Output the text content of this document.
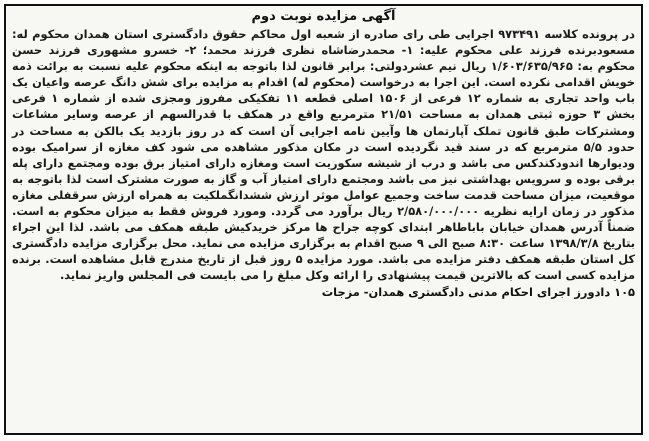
آگهی مزایده نوبت دوم

در پرونده کلاسه ۹۷۳۴۹۱ اجرایی طی رای صادره از شعبه اول محاکم حقوق دادگستری استان همدان محکوم له: مسعودبرنده فرزند علی محکوم علیه: ۱- محمدرضاشاه نظری فرزند محمد؛ ۲- خسرو مشهوری فرزند حسن محکوم به: ۱/۶۰۳/۶۳۵/۹۶۵ ریال نیم عشردولتی: برابر قانون لذا باتوجه به اینکه محکوم علیه نسبت به برائت ذمه خویش اقدامی نکرده است. این اجرا به درخواست (محکوم له) اقدام به مزایده برای شش دانگ عرصه واعیان یک باب واحد تجاری به شماره ۱۲ فرعی از ۱۵۰۶ اصلی قطعه ۱۱ تفکیکی مفروز ومجزی شده از شماره ۱ فرعی بخش ۳ حوزه ثبتی همدان به مساحت ۲۱/۵۱ مترمربع واقع در همکف با قدرالسهم از عرصه وسایر مشاعات ومشترکات طبق قانون تملک آپارتمان ها وآیین نامه اجرایی آن است که در روز بازدید یک بالکن به مساحت در حدود ۵/۵ مترمربع که در سند قید نگردیده است در مکان مذکور مشاهده می شود کف مغازه از سرامیک بوده ودیوارها اندودکندکس می باشد و درب از شیشه سکوریت است ومغازه دارای امتیاز برق بوده ومجتمع دارای پله برقی بوده و سرویس بهداشتی نیز می باشد ومجتمع دارای امتیاز آب و گاز به صورت مشترک است لذا باتوجه به موقعیت، میزان مساحت قدمت ساخت وجمیع عوامل موثر ارزش ششدانگملکیت به همراه ارزش سرقفلی مغازه مذکور در زمان ارایه نظریه ۲/۵۸۰/۰۰۰/۰۰۰ ریال برآورد می گردد. ومورد فروش فقط به میزان محکوم به است. ضمناً آدرس همدان خیابان باباطاهر ابتدای کوچه جراح ها مرکز خریدکیش طبقه همکف می باشد. لذا این اجراء بتاریخ ۱۳۹۸/۳/۸ ساعت ۸:۳۰ صبح الی ۹ صبح اقدام به برگزاری مزایده می نماید. محل برگزاری مزایده دادگستری کل استان طبقه همکف دفتر مزایده می باشد. مورد مزایده ۵ روز قبل از تاریخ مندرج قابل مشاهده است. برنده مزایده کسی است که بالاترین قیمت پیشنهادی را ارائه وکل مبلغ را می بایست فی المجلس واریز نماید.

۱۰۵ دادورز اجرای احکام مدنی دادگستری همدان- مزجات
